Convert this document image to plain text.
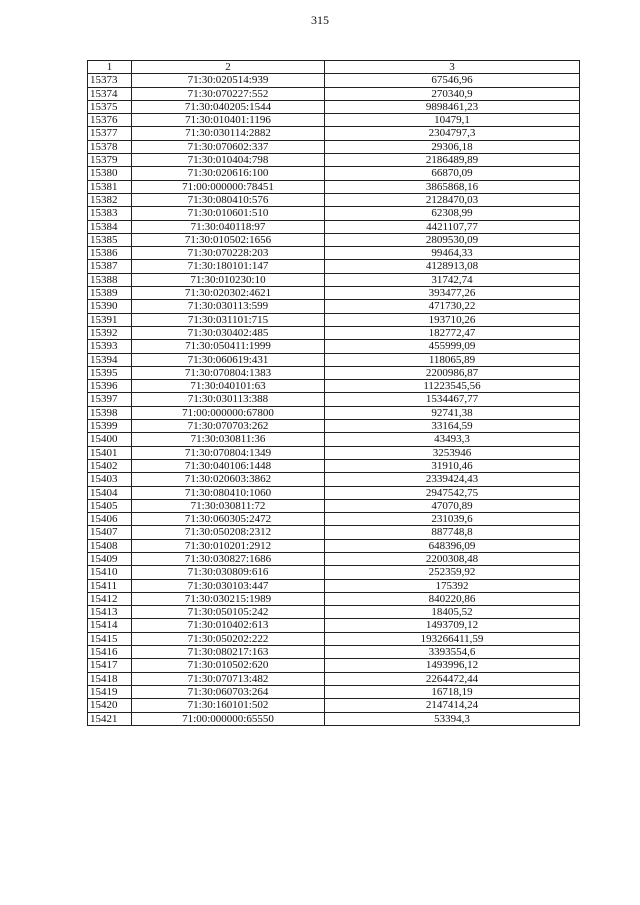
315
1	2	3
15373	71:30:020514:939	67546,96
15374	71:30:070227:552	270340,9
15375	71:30:040205:1544	9898461,23
15376	71:30:010401:1196	10479,1
15377	71:30:030114:2882	2304797,3
15378	71:30:070602:337	29306,18
15379	71:30:010404:798	2186489,89
15380	71:30:020616:100	66870,09
15381	71:00:000000:78451	3865868,16
15382	71:30:080410:576	2128470,03
15383	71:30:010601:510	62308,99
15384	71:30:040118:97	4421107,77
15385	71:30:010502:1656	2809530,09
15386	71:30:070228:203	99464,33
15387	71:30:180101:147	4128913,08
15388	71:30:010230:10	31742,74
15389	71:30:020302:4621	393477,26
15390	71:30:030113:599	471730,22
15391	71:30:031101:715	193710,26
15392	71:30:030402:485	182772,47
15393	71:30:050411:1999	455999,09
15394	71:30:060619:431	118065,89
15395	71:30:070804:1383	2200986,87
15396	71:30:040101:63	11223545,56
15397	71:30:030113:388	1534467,77
15398	71:00:000000:67800	92741,38
15399	71:30:070703:262	33164,59
15400	71:30:030811:36	43493,3
15401	71:30:070804:1349	3253946
15402	71:30:040106:1448	31910,46
15403	71:30:020603:3862	2339424,43
15404	71:30:080410:1060	2947542,75
15405	71:30:030811:72	47070,89
15406	71:30:060305:2472	231039,6
15407	71:30:050208:2312	887748,8
15408	71:30:010201:2912	648396,09
15409	71:30:030827:1686	2200308,48
15410	71:30:030809:616	252359,92
15411	71:30:030103:447	175392
15412	71:30:030215:1989	840220,86
15413	71:30:050105:242	18405,52
15414	71:30:010402:613	1493709,12
15415	71:30:050202:222	193266411,59
15416	71:30:080217:163	3393554,6
15417	71:30:010502:620	1493996,12
15418	71:30:070713:482	2264472,44
15419	71:30:060703:264	16718,19
15420	71:30:160101:502	2147414,24
15421	71:00:000000:65550	53394,3
